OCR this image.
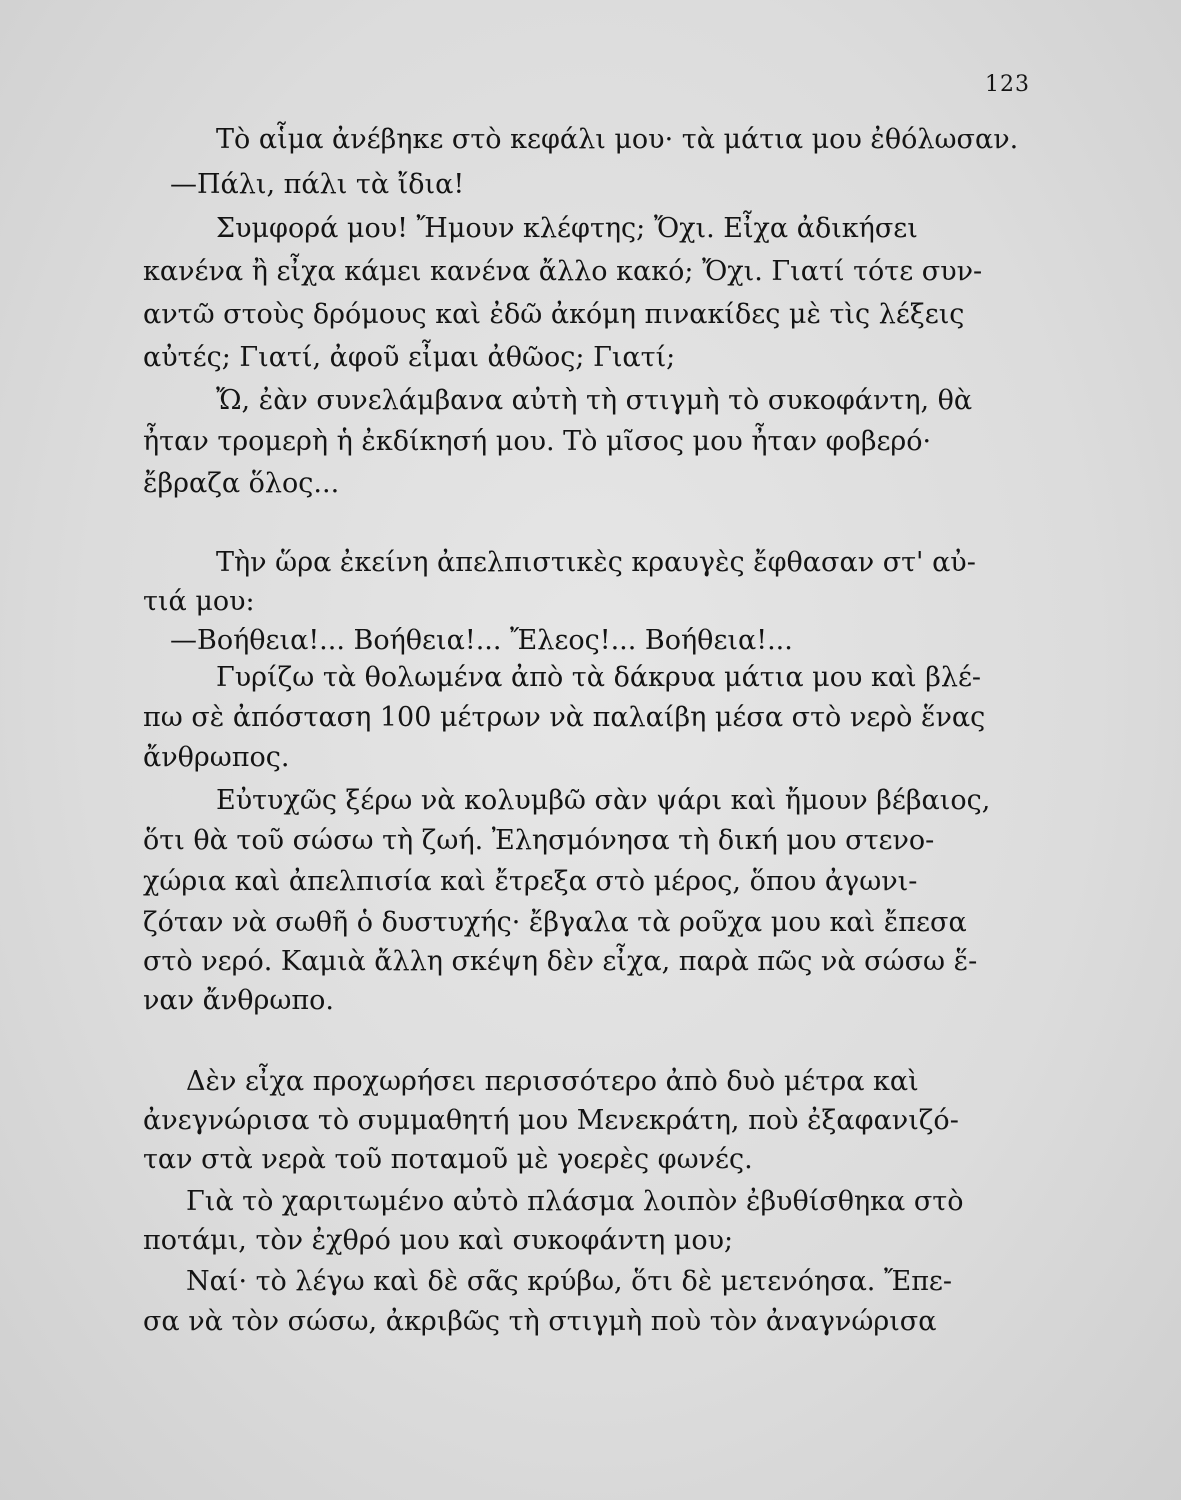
123
Τὸ αἷμα ἀνέβηκε στὸ κεφάλι μου· τὰ μάτια μου ἐθόλωσαν.
—Πάλι, πάλι τὰ ἴδια!
Συμφορά μου! Ἤμουν κλέφτης; Ὄχι. Εἶχα ἀδικήσει
κανένα ἢ εἶχα κάμει κανένα ἄλλο κακό; Ὄχι. Γιατί τότε συν-
αντῶ στοὺς δρόμους καὶ ἐδῶ ἀκόμη πινακίδες μὲ τὶς λέξεις
αὐτές; Γιατί, ἀφοῦ εἶμαι ἀθῶος; Γιατί;
Ὤ, ἐὰν συνελάμβανα αὐτὴ τὴ στιγμὴ τὸ συκοφάντη, θὰ
ἦταν τρομερὴ ἡ ἐκδίκησή μου. Τὸ μῖσος μου ἦταν φοβερό·
ἔβραζα ὅλος...
Τὴν ὥρα ἐκείνη ἀπελπιστικὲς κραυγὲς ἔφθασαν στ' αὐ-
τιά μου:
—Βοήθεια!... Βοήθεια!... Ἔλεος!... Βοήθεια!...
Γυρίζω τὰ θολωμένα ἀπὸ τὰ δάκρυα μάτια μου καὶ βλέ-
πω σὲ ἀπόσταση 100 μέτρων νὰ παλαίβη μέσα στὸ νερὸ ἕνας
ἄνθρωπος.
Εὐτυχῶς ξέρω νὰ κολυμβῶ σὰν ψάρι καὶ ἤμουν βέβαιος,
ὅτι θὰ τοῦ σώσω τὴ ζωή. Ἐλησμόνησα τὴ δική μου στενο-
χώρια καὶ ἀπελπισία καὶ ἔτρεξα στὸ μέρος, ὅπου ἀγωνι-
ζόταν νὰ σωθῆ ὁ δυστυχής· ἔβγαλα τὰ ροῦχα μου καὶ ἔπεσα
στὸ νερό. Καμιὰ ἄλλη σκέψη δὲν εἶχα, παρὰ πῶς νὰ σώσω ἕ-
ναν ἄνθρωπο.
Δὲν εἶχα προχωρήσει περισσότερο ἀπὸ δυὸ μέτρα καὶ
ἀνεγνώρισα τὸ συμμαθητή μου Μενεκράτη, ποὺ ἐξαφανιζό-
ταν στὰ νερὰ τοῦ ποταμοῦ μὲ γοερὲς φωνές.
Γιὰ τὸ χαριτωμένο αὐτὸ πλάσμα λοιπὸν ἐβυθίσθηκα στὸ
ποτάμι, τὸν ἐχθρό μου καὶ συκοφάντη μου;
Ναί· τὸ λέγω καὶ δὲ σᾶς κρύβω, ὅτι δὲ μετενόησα. Ἔπε-
σα νὰ τὸν σώσω, ἀκριβῶς τὴ στιγμὴ ποὺ τὸν ἀναγνώρισα
